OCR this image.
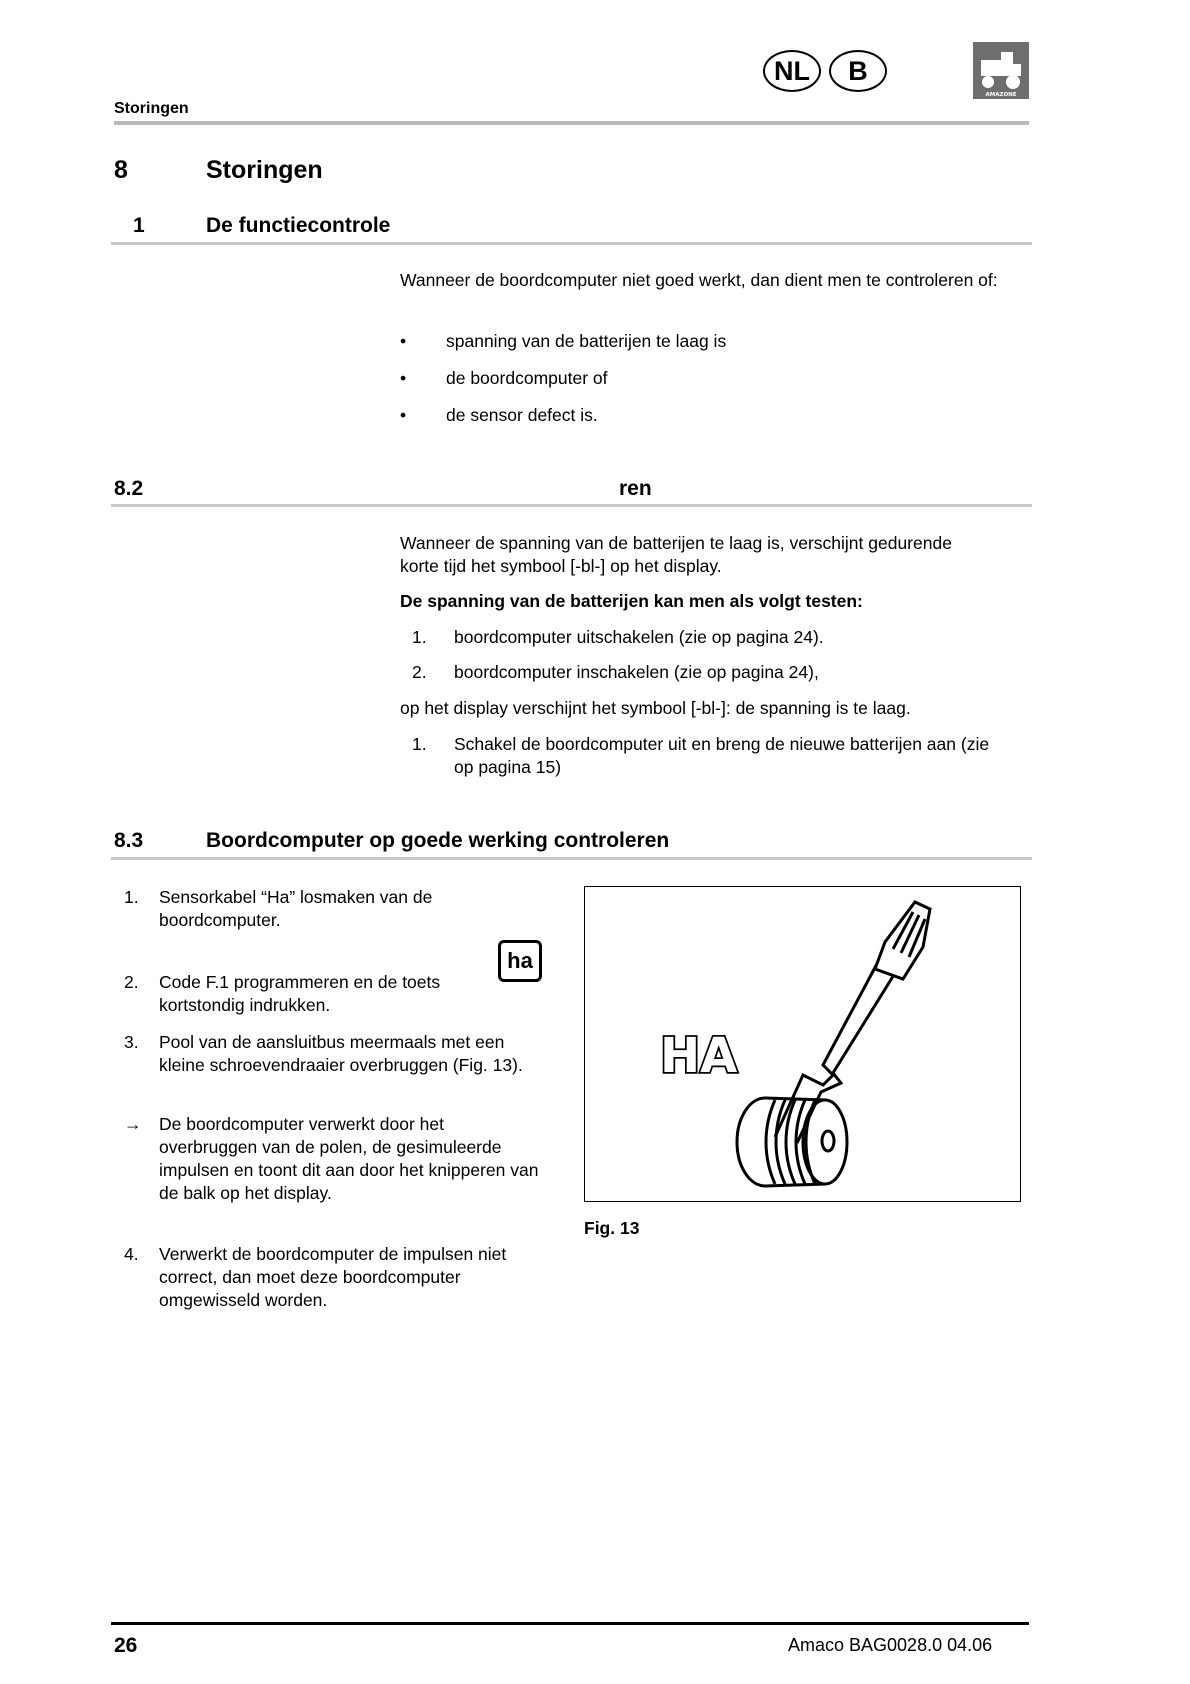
Storingen
NL	B
AMAZONE
8	Storingen
1	De functiecontrole
Wanneer de boordcomputer niet goed werkt, dan dient men te controleren of:
•	spanning van de batterijen te laag is
•	de boordcomputer of
•	de sensor defect is.
8.2	ren
Wanneer de spanning van de batterijen te laag is, verschijnt gedurende korte tijd het symbool [-bl-] op het display.
De spanning van de batterijen kan men als volgt testen:
1.	boordcomputer uitschakelen (zie op pagina 24).
2.	boordcomputer inschakelen (zie op pagina 24),
op het display verschijnt het symbool [-bl-]: de spanning is te laag.
1.	Schakel de boordcomputer uit en breng de nieuwe batterijen aan (zie op pagina 15)
8.3	Boordcomputer op goede werking controleren
1.	Sensorkabel “Ha” losmaken van de boordcomputer.
2.	Code F.1 programmeren en de toets kortstondig indrukken.
ha
3.	Pool van de aansluitbus meermaals met een kleine schroevendraaier overbruggen (Fig. 13).
→	De boordcomputer verwerkt door het overbruggen van de polen, de gesimuleerde impulsen en toont dit aan door het knipperen van de balk op het display.
4.	Verwerkt de boordcomputer de impulsen niet correct, dan moet deze boordcomputer omgewisseld worden.
HA
Fig. 13
26	Amaco BAG0028.0 04.06
